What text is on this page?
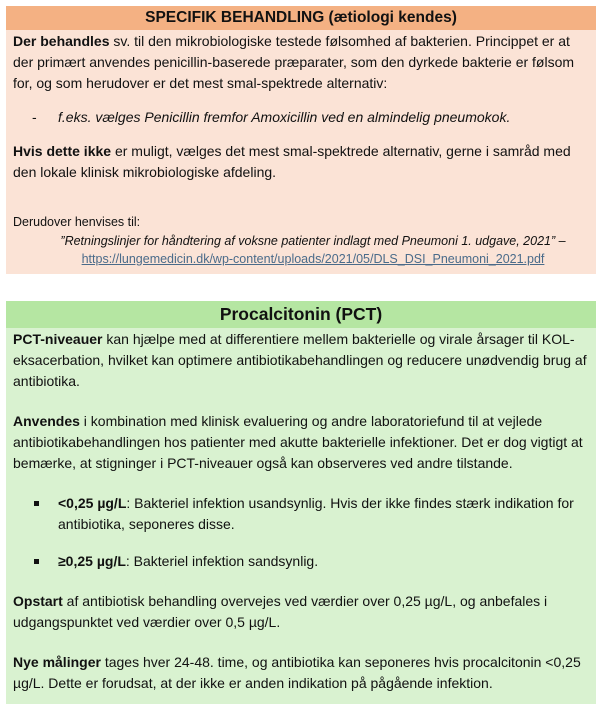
SPECIFIK BEHANDLING (ætiologi kendes)

Der behandles sv. til den mikrobiologiske testede følsomhed af bakterien. Princippet er at der primært anvendes penicillin-baserede præparater, som den dyrkede bakterie er følsom for, og som herudover er det mest smal-spektrede alternativ:

-	f.eks. vælges Penicillin fremfor Amoxicillin ved en almindelig pneumokok.

Hvis dette ikke er muligt, vælges det mest smal-spektrede alternativ, gerne i samråd med den lokale klinisk mikrobiologiske afdeling.

Derudover henvises til:

”Retningslinjer for håndtering af voksne patienter indlagt med Pneumoni 1. udgave, 2021” –
https://lungemedicin.dk/wp-content/uploads/2021/05/DLS_DSI_Pneumoni_2021.pdf
Procalcitonin (PCT)

PCT-niveauer kan hjælpe med at differentiere mellem bakterielle og virale årsager til KOL-eksacerbation, hvilket kan optimere antibiotikabehandlingen og reducere unødvendig brug af antibiotika.

Anvendes i kombination med klinisk evaluering og andre laboratoriefund til at vejlede antibiotikabehandlingen hos patienter med akutte bakterielle infektioner. Det er dog vigtigt at bemærke, at stigninger i PCT-niveauer også kan observeres ved andre tilstande.

<0,25 µg/L: Bakteriel infektion usandsynlig. Hvis der ikke findes stærk indikation for antibiotika, seponeres disse.
≥0,25 µg/L: Bakteriel infektion sandsynlig.

Opstart af antibiotisk behandling overvejes ved værdier over 0,25 µg/L, og anbefales i udgangspunktet ved værdier over 0,5 µg/L.

Nye målinger tages hver 24-48. time, og antibiotika kan seponeres hvis procalcitonin <0,25 µg/L. Dette er forudsat, at der ikke er anden indikation på pågående infektion.
